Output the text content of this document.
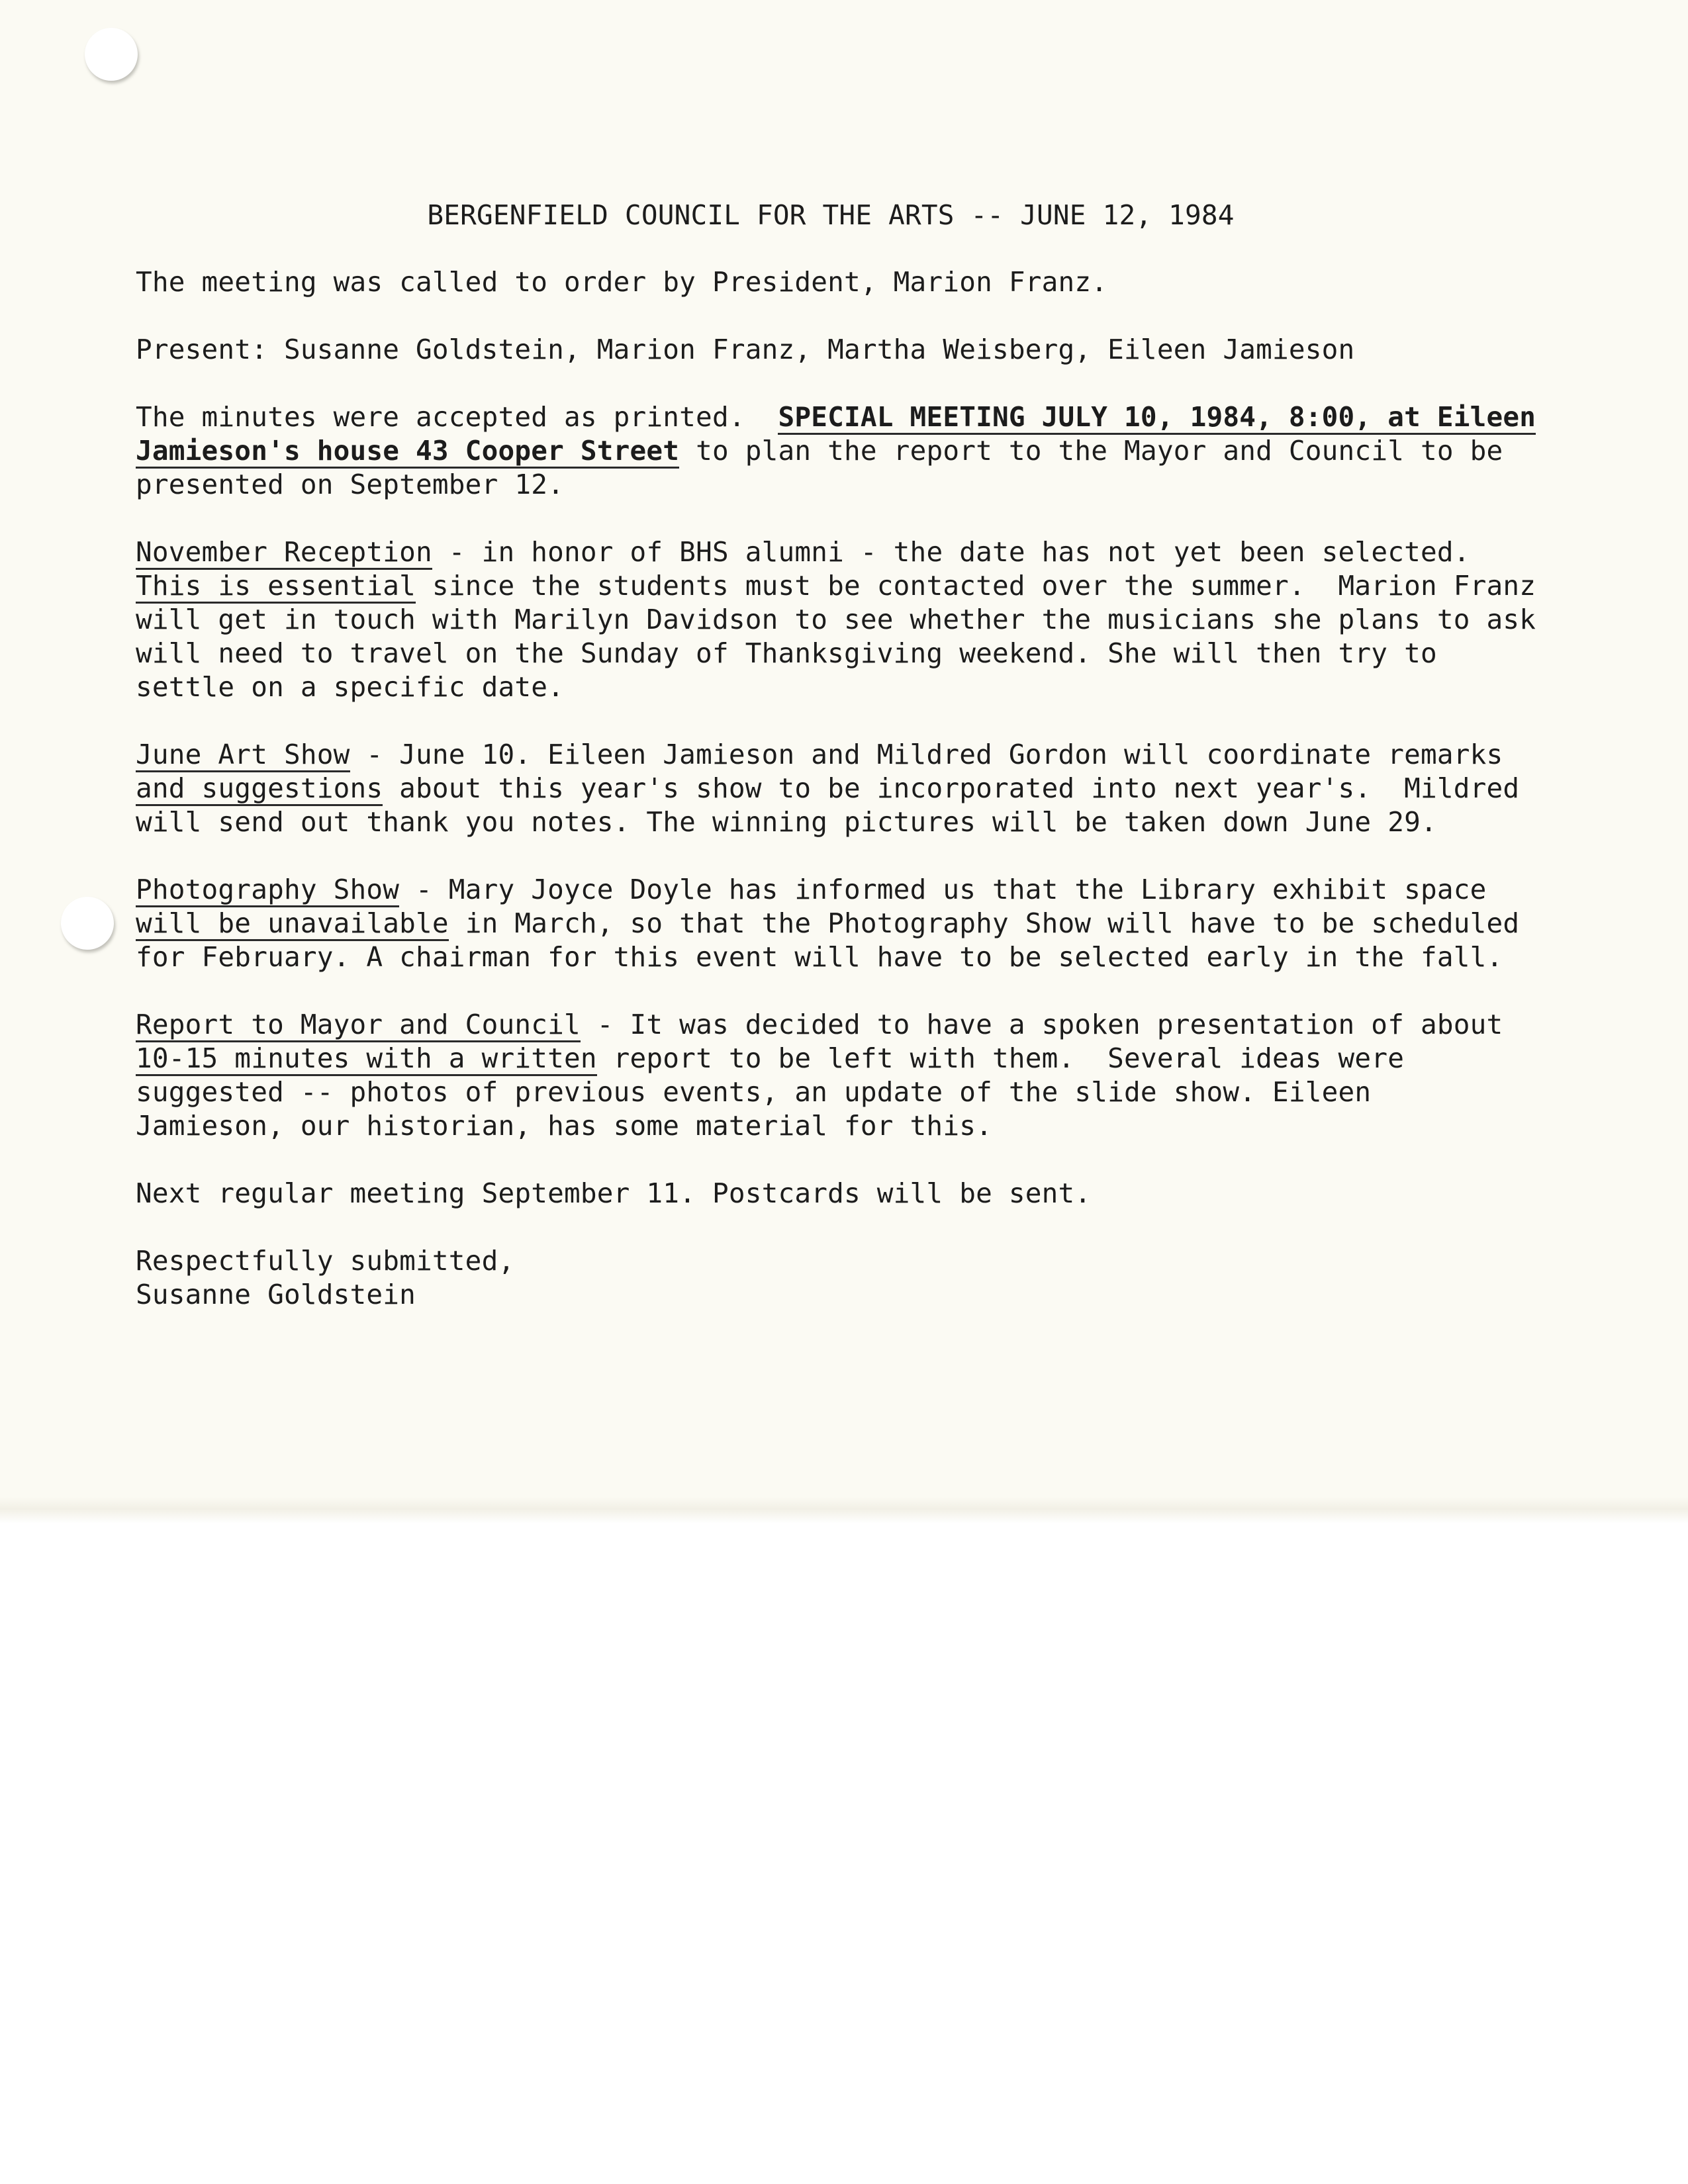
BERGENFIELD COUNCIL FOR THE ARTS -- JUNE 12, 1984

The meeting was called to order by President, Marion Franz.

Present: Susanne Goldstein, Marion Franz, Martha Weisberg, Eileen Jamieson

The minutes were accepted as printed.  SPECIAL MEETING JULY 10, 1984, 8:00, at Eileen

Jamieson's house 43 Cooper Street to plan the report to the Mayor and Council to be

presented on September 12.

November Reception - in honor of BHS alumni - the date has not yet been selected.

This is essential since the students must be contacted over the summer.  Marion Franz

will get in touch with Marilyn Davidson to see whether the musicians she plans to ask

will need to travel on the Sunday of Thanksgiving weekend. She will then try to

settle on a specific date.

June Art Show - June 10. Eileen Jamieson and Mildred Gordon will coordinate remarks

and suggestions about this year's show to be incorporated into next year's.  Mildred

will send out thank you notes. The winning pictures will be taken down June 29.

Photography Show - Mary Joyce Doyle has informed us that the Library exhibit space

will be unavailable in March, so that the Photography Show will have to be scheduled

for February. A chairman for this event will have to be selected early in the fall.

Report to Mayor and Council - It was decided to have a spoken presentation of about

10-15 minutes with a written report to be left with them.  Several ideas were

suggested -- photos of previous events, an update of the slide show. Eileen

Jamieson, our historian, has some material for this.

Next regular meeting September 11. Postcards will be sent.

Respectfully submitted,

Susanne Goldstein
